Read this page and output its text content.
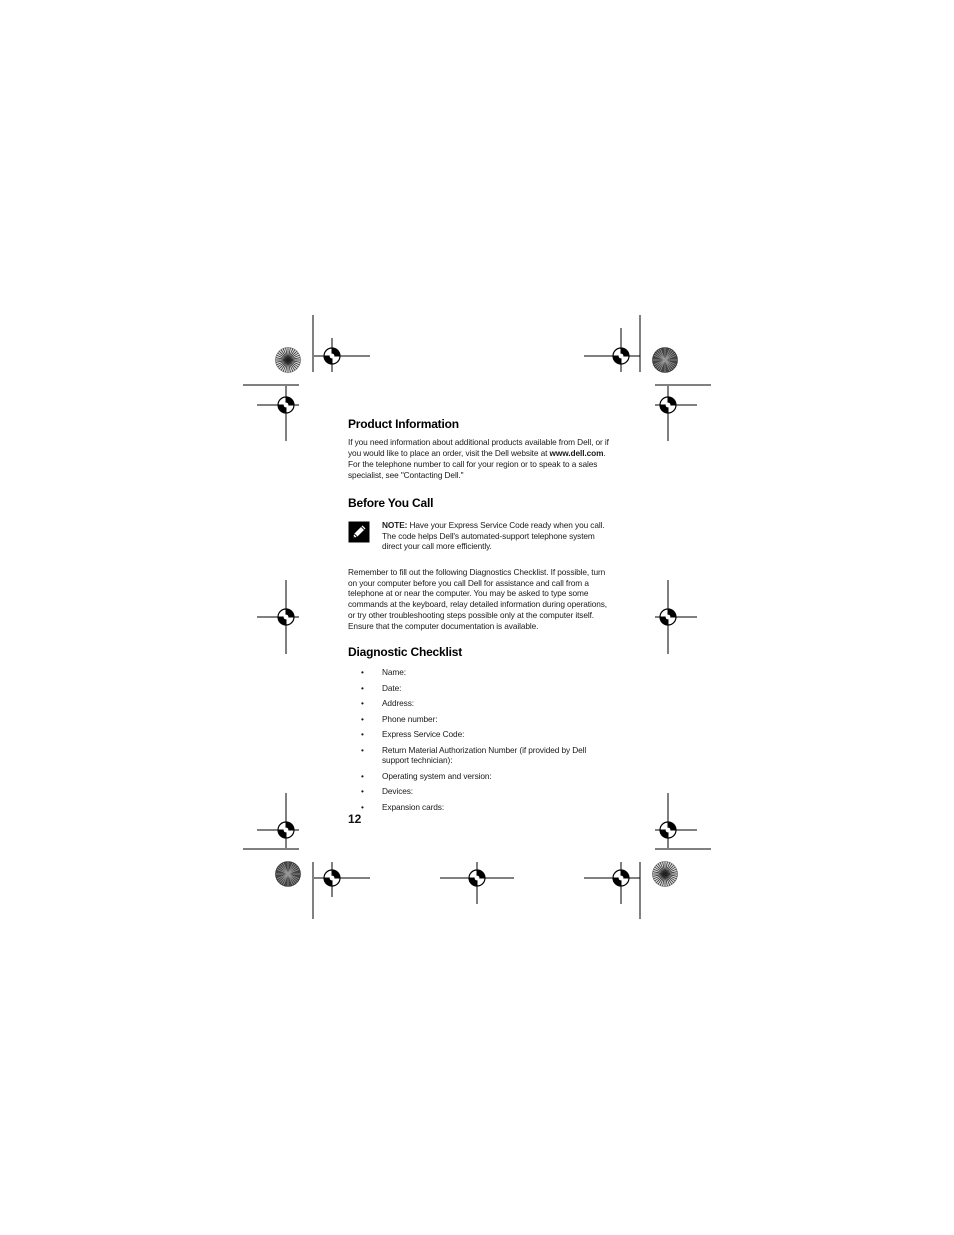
Product Information

If you need information about additional products available from Dell, or if you would like to place an order, visit the Dell website at www.dell.com. For the telephone number to call for your region or to speak to a sales specialist, see "Contacting Dell."

Before You Call

NOTE: Have your Express Service Code ready when you call. The code helps Dell's automated-support telephone system direct your call more efficiently.

Remember to fill out the following Diagnostics Checklist. If possible, turn on your computer before you call Dell for assistance and call from a telephone at or near the computer. You may be asked to type some commands at the keyboard, relay detailed information during operations, or try other troubleshooting steps possible only at the computer itself. Ensure that the computer documentation is available.

Diagnostic Checklist
• Name:
• Date:
• Address:
• Phone number:
• Express Service Code:
• Return Material Authorization Number (if provided by Dell support technician):
• Operating system and version:
• Devices:
• Expansion cards:
12
